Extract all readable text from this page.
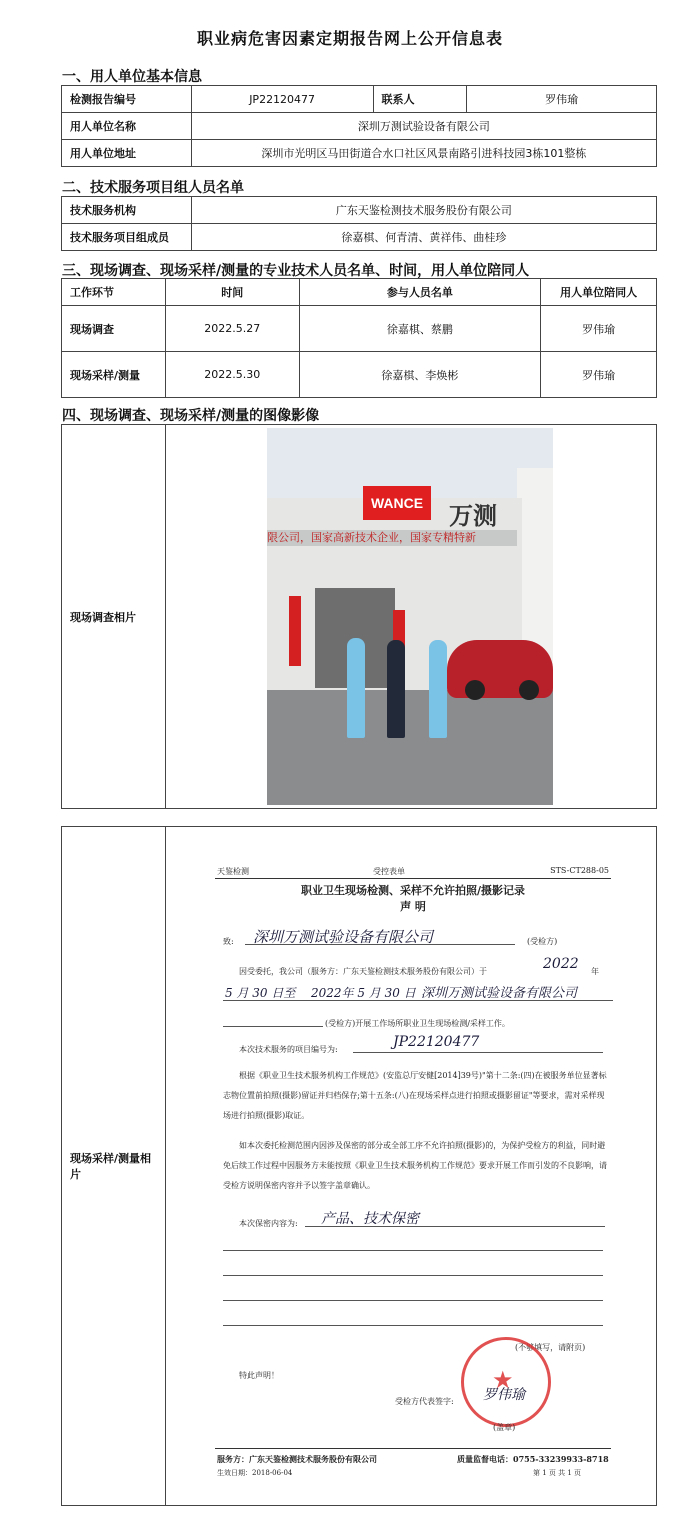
职业病危害因素定期报告网上公开信息表
一、用人单位基本信息
检测报告编号	JP22120477	联系人	罗伟瑜
用人单位名称	深圳万测试验设备有限公司		
用人单位地址	深圳市光明区马田街道合水口社区风景南路引进科技园3栋101整栋		
二、技术服务项目组人员名单
技术服务机构	广东天鉴检测技术服务股份有限公司
技术服务项目组成员	徐嘉棋、何青清、黄祥伟、曲桂珍
三、现场调查、现场采样/测量的专业技术人员名单、时间，用人单位陪同人
工作环节	时间	参与人员名单	用人单位陪同人
现场调查	2022.5.27	徐嘉棋、蔡鹏	罗伟瑜
现场采样/测量	2022.5.30	徐嘉棋、李焕彬	罗伟瑜
四、现场调查、现场采样/测量的图像影像
现场调查相片	
WANCE	万测
限公司，国家高新技术企业，国家专精特新
现场采样/测量相片	
天鉴检测	受控表单	STS-CT288-05
职业卫生现场检测、采样不允许拍照/摄影记录
声 明
致: 深圳万测试验设备有限公司	(受检方)
因受委托，我公司（服务方：广东天鉴检测技术服务股份有限公司）于	2022 年
5 月 30 日至 2022年 5 月 30 日 深圳万测试验设备有限公司
(受检方)开展工作场所职业卫生现场检测/采样工作。
本次技术服务的项目编号为:	JP22120477
根据《职业卫生技术服务机构工作规范》(安监总厅安健[2014]39号)"第十二条:(四)在被服务单位显著标志物位置前拍照(摄影)留证并归档保存;第十五条:(八)在现场采样点进行拍照或摄影留证"等要求，需对采样现场进行拍照(摄影)取证。
如本次委托检测范围内因涉及保密的部分或全部工序不允许拍照(摄影)的，为保护受检方的利益，同时避免后续工作过程中因服务方未能按照《职业卫生技术服务机构工作规范》要求开展工作而引发的不良影响，请受检方说明保密内容并予以签字盖章确认。
本次保密内容为: 产品、技术保密
(不够填写，请附页)
特此声明！
受检方代表签字: 罗伟瑜
★
(盖章)
服务方：广东天鉴检测技术服务股份有限公司	质量监督电话：0755-33239933-8718
生效日期：2018-06-04	第 1 页 共 1 页
